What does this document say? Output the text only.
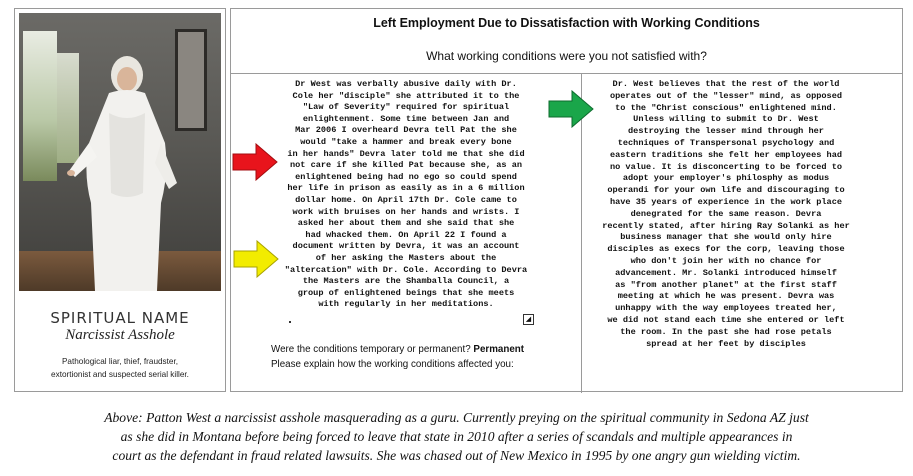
SPIRITUAL NAME
Narcissist Asshole
Pathological liar, thief, fraudster,
extortionist and suspected serial killer.
Left Employment Due to Dissatisfaction with Working Conditions
What working conditions were you not satisfied with?
Dr West was verbally abusive daily with Dr.
Cole her "disciple" she attributed it to the
"Law of Severity" required for spiritual
enlightenment. Some time between Jan and
Mar 2006 I overheard Devra tell Pat the she
would "take a hammer and break every bone
in her hands" Devra later told me that she did
not care if she killed Pat because she, as an
enlightened being had no ego so could spend
her life in prison as easily as in a 6 million
dollar home. On April 17th Dr. Cole came to
work with bruises on her hands and wrists. I
asked her about them and she said that she
had whacked them. On April 22 I found a
document written by Devra, it was an account
of her asking the Masters about the
"altercation" with Dr. Cole. According to Devra
the Masters are the Shamballa Council, a
group of enlightened beings that she meets
with regularly in her meditations.
Dr. West believes that the rest of the world
operates out of the "lesser" mind, as opposed
to the "Christ conscious" enlightened mind.
Unless willing to submit to Dr. West
destroying the lesser mind through her
techniques of Transpersonal psychology and
eastern traditions she felt her employees had
no value. It is disconcerting to be forced to
adopt your employer's philosphy as modus
operandi for your own life and discouraging to
have 35 years of experience in the work place
denegrated for the same reason. Devra
recently stated, after hiring Ray Solanki as her
business manager that she would only hire
disciples as execs for the corp, leaving those
who don't join her with no chance for
advancement. Mr. Solanki introduced himself
as "from another planet" at the first staff
meeting at which he was present. Devra was
unhappy with the way employees treated her,
we did not stand each time she entered or left
the room. In the past she had rose petals
spread at her feet by disciples
◢
Were the conditions temporary or permanent? Permanent
Please explain how the working conditions affected you:
Above: Patton West a narcissist asshole masquerading as a guru. Currently preying on the spiritual community in Sedona AZ just
as she did in Montana before being forced to leave that state in 2010 after a series of scandals and multiple appearances in
court as the defendant in fraud related lawsuits. She was chased out of New Mexico in 1995 by one angry gun wielding victim.
